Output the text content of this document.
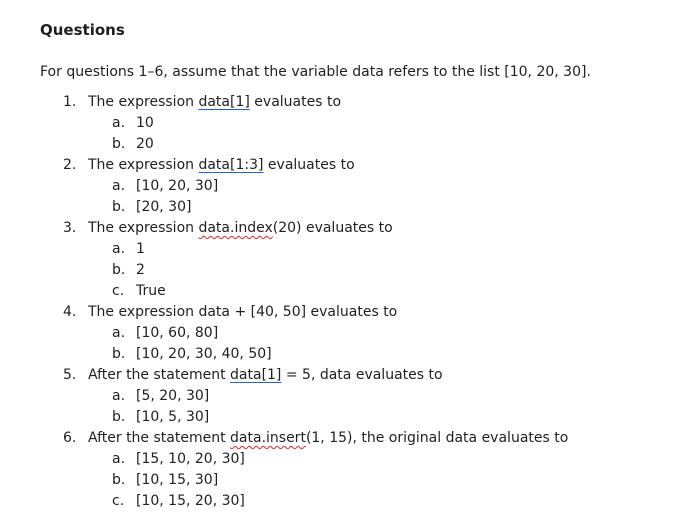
Questions
For questions 1–6, assume that the variable data refers to the list [10, 20, 30].
1. The expression data[1] evaluates to
a. 10
b. 20
2. The expression data[1:3] evaluates to
a. [10, 20, 30]
b. [20, 30]
3. The expression data.index(20) evaluates to
a. 1
b. 2
c. True
4. The expression data + [40, 50] evaluates to
a. [10, 60, 80]
b. [10, 20, 30, 40, 50]
5. After the statement data[1] = 5, data evaluates to
a. [5, 20, 30]
b. [10, 5, 30]
6. After the statement data.insert(1, 15), the original data evaluates to
a. [15, 10, 20, 30]
b. [10, 15, 30]
c. [10, 15, 20, 30]
